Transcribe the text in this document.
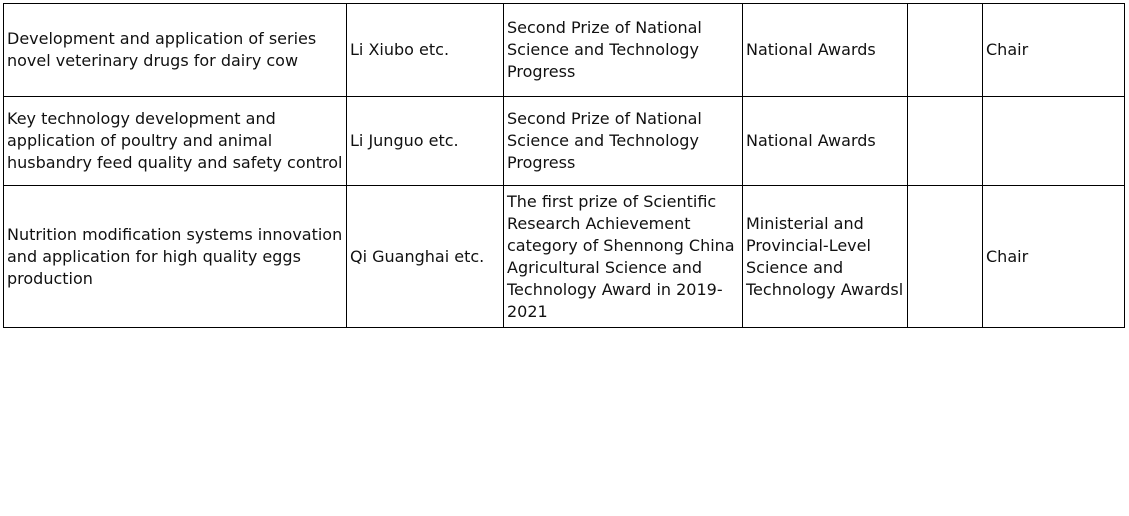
Development and application of series novel veterinary drugs for dairy cow	Li Xiubo etc.	Second Prize of National Science and Technology Progress	National Awards		Chair
Key technology development and application of poultry and animal husbandry feed quality and safety control	Li Junguo etc.	Second Prize of National Science and Technology Progress	National Awards		
Nutrition modification systems innovation and application for high quality eggs production	Qi Guanghai etc.	The first prize of Scientific Research Achievement category of Shennong China Agricultural Science and Technology Award in 2019-2021	Ministerial and Provincial-Level Science and Technology Awardsl		Chair
